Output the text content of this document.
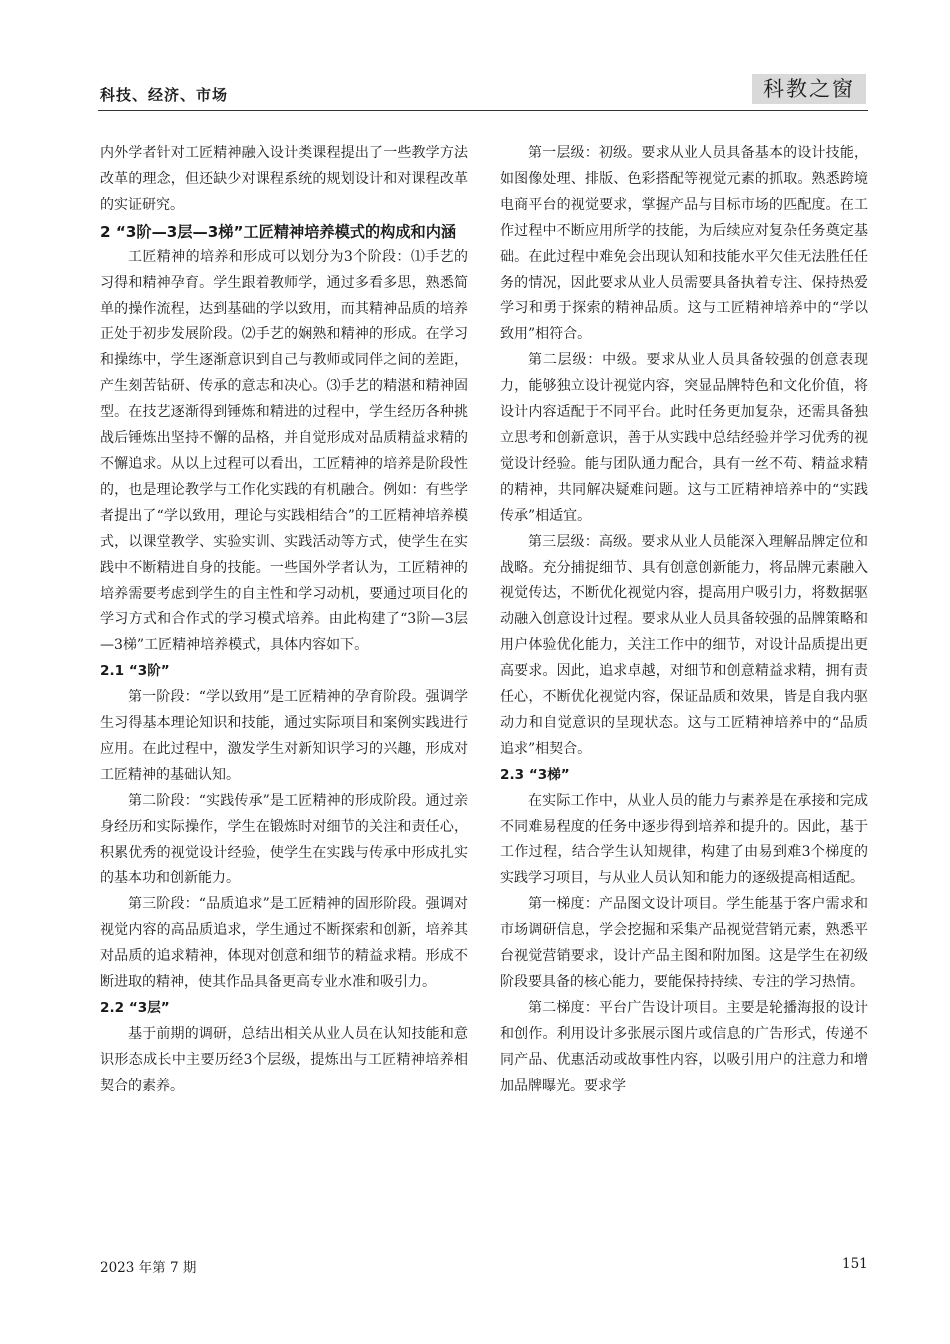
科技、经济、市场	科教之窗

内外学者针对工匠精神融入设计类课程提出了一些教学方法改革的理念，但还缺少对课程系统的规划设计和对课程改革的实证研究。

2 “3阶—3层—3梯”工匠精神培养模式的构成和内涵

工匠精神的培养和形成可以划分为3个阶段：⑴手艺的习得和精神孕育。学生跟着教师学，通过多看多思，熟悉简单的操作流程，达到基础的学以致用，而其精神品质的培养正处于初步发展阶段。⑵手艺的娴熟和精神的形成。在学习和操练中，学生逐渐意识到自己与教师或同伴之间的差距，产生刻苦钻研、传承的意志和决心。⑶手艺的精湛和精神固型。在技艺逐渐得到锤炼和精进的过程中，学生经历各种挑战后锤炼出坚持不懈的品格，并自觉形成对品质精益求精的不懈追求。从以上过程可以看出，工匠精神的培养是阶段性的，也是理论教学与工作化实践的有机融合。例如：有些学者提出了“学以致用，理论与实践相结合”的工匠精神培养模式，以课堂教学、实验实训、实践活动等方式，使学生在实践中不断精进自身的技能。一些国外学者认为，工匠精神的培养需要考虑到学生的自主性和学习动机，要通过项目化的学习方式和合作式的学习模式培养。由此构建了“3阶—3层—3梯”工匠精神培养模式，具体内容如下。

2.1 “3阶”

第一阶段：“学以致用”是工匠精神的孕育阶段。强调学生习得基本理论知识和技能，通过实际项目和案例实践进行应用。在此过程中，激发学生对新知识学习的兴趣，形成对工匠精神的基础认知。

第二阶段：“实践传承”是工匠精神的形成阶段。通过亲身经历和实际操作，学生在锻炼时对细节的关注和责任心，积累优秀的视觉设计经验，使学生在实践与传承中形成扎实的基本功和创新能力。

第三阶段：“品质追求”是工匠精神的固形阶段。强调对视觉内容的高品质追求，学生通过不断探索和创新，培养其对品质的追求精神，体现对创意和细节的精益求精。形成不断进取的精神，使其作品具备更高专业水准和吸引力。

2.2 “3层”

基于前期的调研，总结出相关从业人员在认知技能和意识形态成长中主要历经3个层级，提炼出与工匠精神培养相契合的素养。

第一层级：初级。要求从业人员具备基本的设计技能，如图像处理、排版、色彩搭配等视觉元素的抓取。熟悉跨境电商平台的视觉要求，掌握产品与目标市场的匹配度。在工作过程中不断应用所学的技能，为后续应对复杂任务奠定基础。在此过程中难免会出现认知和技能水平欠佳无法胜任任务的情况，因此要求从业人员需要具备执着专注、保持热爱学习和勇于探索的精神品质。这与工匠精神培养中的“学以致用”相符合。

第二层级：中级。要求从业人员具备较强的创意表现力，能够独立设计视觉内容，突显品牌特色和文化价值，将设计内容适配于不同平台。此时任务更加复杂，还需具备独立思考和创新意识，善于从实践中总结经验并学习优秀的视觉设计经验。能与团队通力配合，具有一丝不苟、精益求精的精神，共同解决疑难问题。这与工匠精神培养中的“实践传承”相适宜。

第三层级：高级。要求从业人员能深入理解品牌定位和战略。充分捕捉细节、具有创意创新能力，将品牌元素融入视觉传达，不断优化视觉内容，提高用户吸引力，将数据驱动融入创意设计过程。要求从业人员具备较强的品牌策略和用户体验优化能力，关注工作中的细节，对设计品质提出更高要求。因此，追求卓越，对细节和创意精益求精，拥有责任心，不断优化视觉内容，保证品质和效果，皆是自我内驱动力和自觉意识的呈现状态。这与工匠精神培养中的“品质追求”相契合。

2.3 “3梯”

在实际工作中，从业人员的能力与素养是在承接和完成不同难易程度的任务中逐步得到培养和提升的。因此，基于工作过程，结合学生认知规律，构建了由易到难3个梯度的实践学习项目，与从业人员认知和能力的逐级提高相适配。

第一梯度：产品图文设计项目。学生能基于客户需求和市场调研信息，学会挖掘和采集产品视觉营销元素，熟悉平台视觉营销要求，设计产品主图和附加图。这是学生在初级阶段要具备的核心能力，要能保持持续、专注的学习热情。

第二梯度：平台广告设计项目。主要是轮播海报的设计和创作。利用设计多张展示图片或信息的广告形式，传递不同产品、优惠活动或故事性内容，以吸引用户的注意力和增加品牌曝光。要求学

2023 年第 7 期	151
